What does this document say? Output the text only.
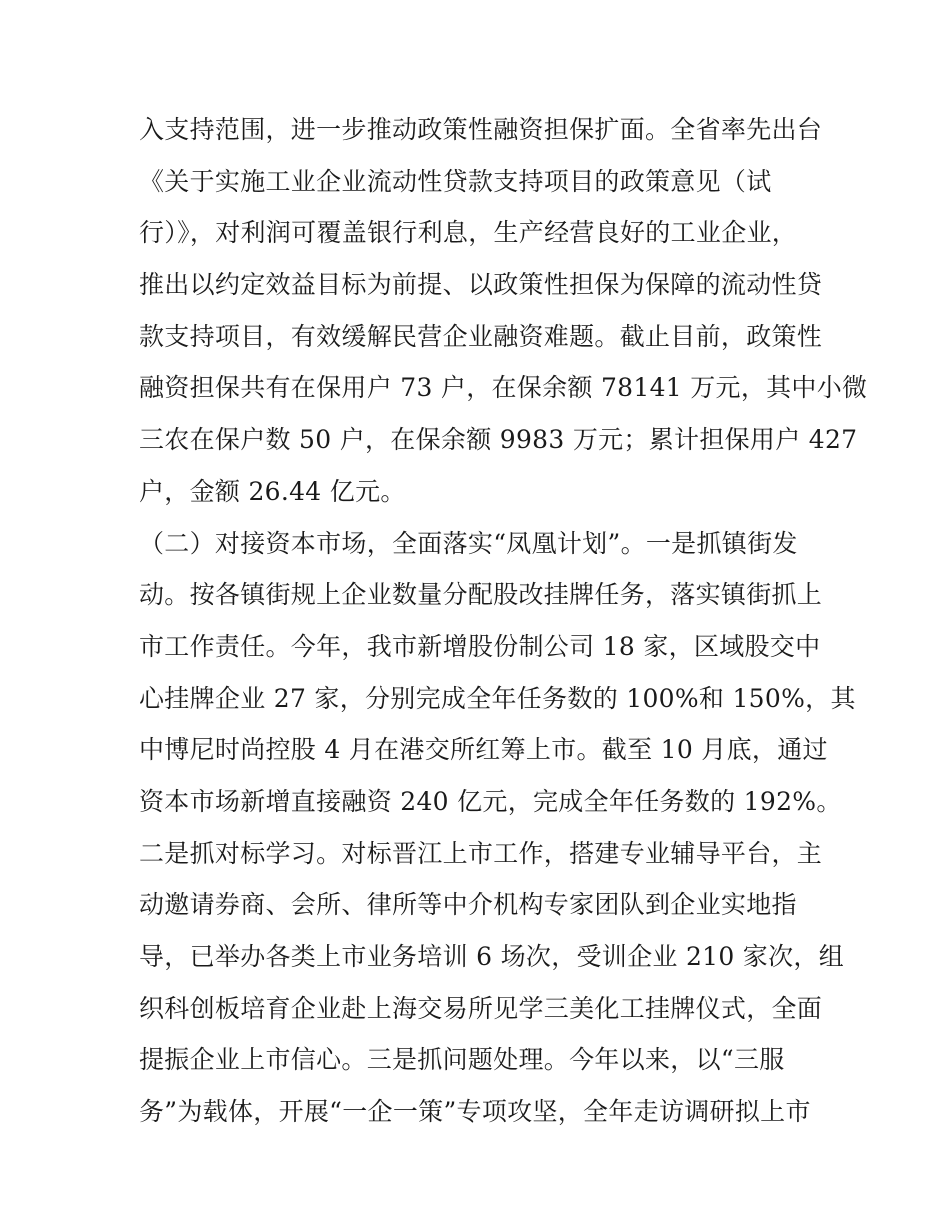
入支持范围，进一步推动政策性融资担保扩面。全省率先出台
《关于实施工业企业流动性贷款支持项目的政策意见（试
行）》，对利润可覆盖银行利息，生产经营良好的工业企业，
推出以约定效益目标为前提、以政策性担保为保障的流动性贷
款支持项目，有效缓解民营企业融资难题。截止目前，政策性
融资担保共有在保用户 73 户，在保余额 78141 万元，其中小微
三农在保户数 50 户，在保余额 9983 万元；累计担保用户 427
户，金额 26.44 亿元。
（二）对接资本市场，全面落实“凤凰计划”。一是抓镇街发
动。按各镇街规上企业数量分配股改挂牌任务，落实镇街抓上
市工作责任。今年，我市新增股份制公司 18 家，区域股交中
心挂牌企业 27 家，分别完成全年任务数的 100%和 150%，其
中博尼时尚控股 4 月在港交所红筹上市。截至 10 月底，通过
资本市场新增直接融资 240 亿元，完成全年任务数的 192%。
二是抓对标学习。对标晋江上市工作，搭建专业辅导平台，主
动邀请券商、会所、律所等中介机构专家团队到企业实地指
导，已举办各类上市业务培训 6 场次，受训企业 210 家次，组
织科创板培育企业赴上海交易所见学三美化工挂牌仪式，全面
提振企业上市信心。三是抓问题处理。今年以来，以“三服
务”为载体，开展“一企一策”专项攻坚，全年走访调研拟上市
